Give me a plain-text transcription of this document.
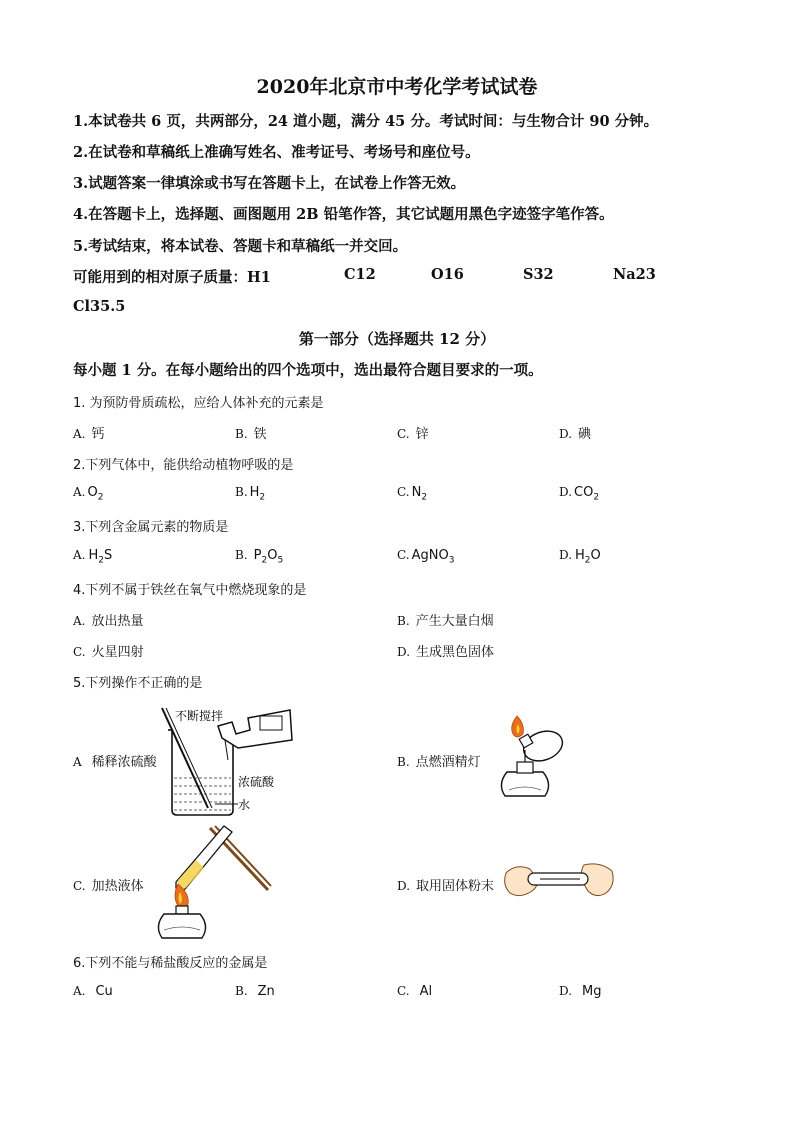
2020年北京市中考化学考试试卷
1.本试卷共 6 页，共两部分，24 道小题，满分 45 分。考试时间：与生物合计 90 分钟。
2.在试卷和草稿纸上准确写姓名、准考证号、考场号和座位号。
3.试题答案一律填涂或书写在答题卡上，在试卷上作答无效。
4.在答题卡上，选择题、画图题用 2B 铅笔作答，其它试题用黑色字迹签字笔作答。
5.考试结束，将本试卷、答题卡和草稿纸一并交回。
可能用到的相对原子质量：H1	C12	O16	S32	Na23
Cl35.5
第一部分（选择题共 12 分）
每小题 1 分。在每小题给出的四个选项中，选出最符合题目要求的一项。
1. 为预防骨质疏松，应给人体补充的元素是
A. 钙	B. 铁	C. 锌	D. 碘
2.下列气体中，能供给动植物呼吸的是
A. $O_2$	B. $H_2$	C. $N_2$	D. $CO_2$
3.下列含金属元素的物质是
A. $H_2S$	B. $P_2O_5$	C. AgNO$_3$	D. $H_2O$
4.下列不属于铁丝在氧气中燃烧现象的是
A. 放出热量	B. 产生大量白烟
C. 火星四射	D. 生成黑色固体
5.下列操作不正确的是
A 稀释浓硫酸	B. 点燃酒精灯
C. 加热液体	D. 取用固体粉末
不断搅拌
浓硫酸
水
6.下列不能与稀盐酸反应的金属是
A. Cu	B. Zn	C. Al	D. Mg
